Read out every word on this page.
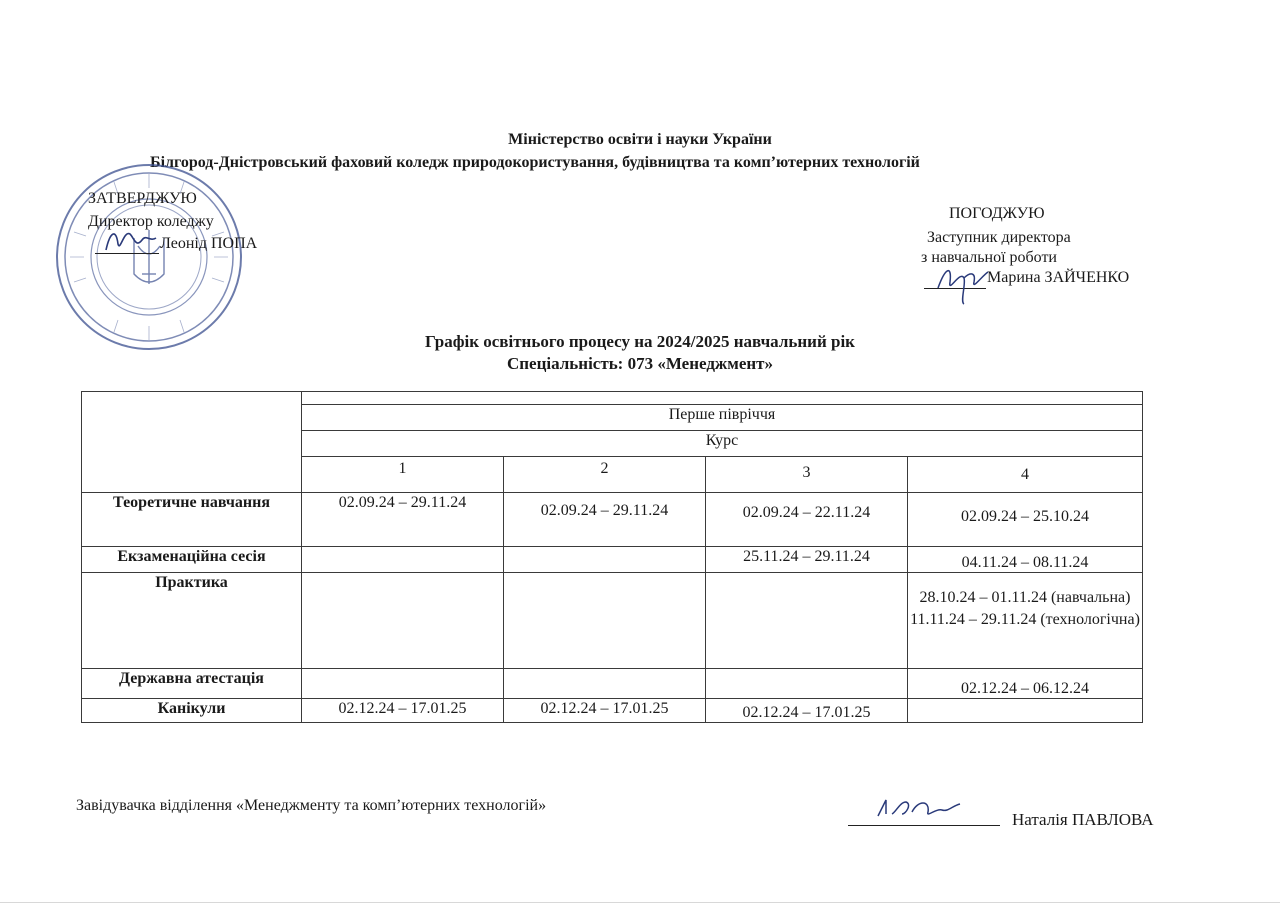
Міністерство освіти і науки України
Білгород-Дністровський фаховий коледж природокористування, будівництва та комп’ютерних технологій
ЗАТВЕРДЖУЮ
Директор коледжу
Леонід ПОПА
ПОГОДЖУЮ
Заступник директора
з навчальної роботи
Марина ЗАЙЧЕНКО
Графік освітнього процесу на 2024/2025 навчальний рік
Спеціальність: 073 «Менеджмент»

	Перше півріччя			
	Курс			
	1	2	3	4
Теоретичне навчання	02.09.24 – 29.11.24	02.09.24 – 29.11.24	02.09.24 – 22.11.24	02.09.24 – 25.10.24
Екзаменаційна сесія			25.11.24 – 29.11.24	04.11.24 – 08.11.24
Практика				28.10.24 – 01.11.24 (навчальна) 11.11.24 – 29.11.24 (технологічна)
Державна атестація				02.12.24 – 06.12.24
Канікули	02.12.24 – 17.01.25	02.12.24 – 17.01.25	02.12.24 – 17.01.25	
Завідувачка відділення «Менеджменту та комп’ютерних технологій»
Наталія ПАВЛОВА
